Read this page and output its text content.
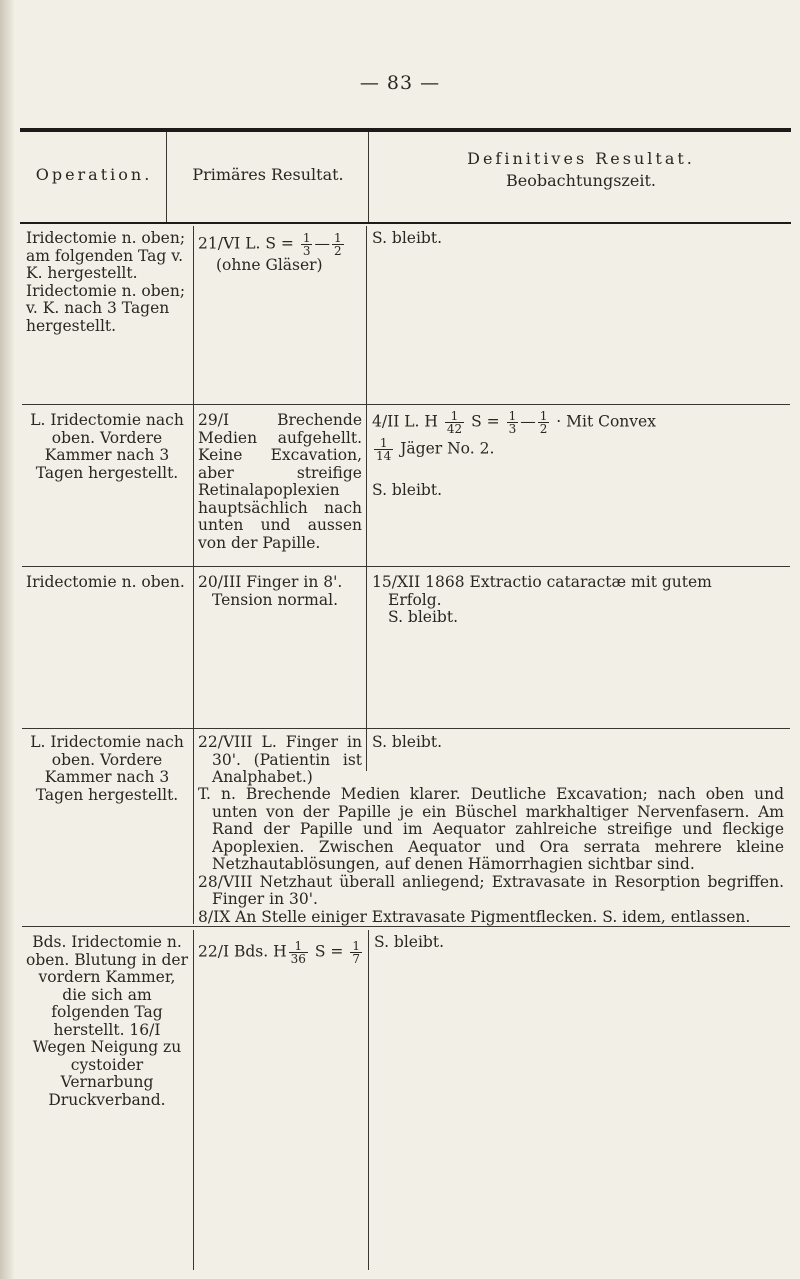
— 83 —
Operation.	Primäres Resultat.
Definitives Resultat.
Beobachtungszeit.
Iridectomie n. oben; am folgenden Tag v. K. hergestellt. Iridectomie n. oben; v. K. nach 3 Tagen hergestellt.
21/VI L. $S = \frac{1}{3}$ — $\frac{1}{2}$
(ohne Gläser)
S. bleibt.
L. Iridectomie nach oben. Vordere Kammer nach 3 Tagen hergestellt.
29/I Brechende Medien aufgehellt. Keine Excavation, aber streifige Retinalapoplexien hauptsächlich nach unten und aussen von der Papille.
4/II L. H $\frac{1}{42}$ $S = \frac{1}{3}$ — $\frac{1}{2}$ · Mit Convex
$\frac{1}{14}$ Jäger No. 2.
S. bleibt.
Iridectomie n. oben. 20/III Finger in 8'. Tension normal.
15/XII 1868 Extractio cataractæ mit gutem
Erfolg.
S. bleibt.
L. Iridectomie nach oben. Vordere Kammer nach 3 Tagen hergestellt.
22/VIII L. Finger in 30'. (Patientin ist Analphabet.)
S. bleibt.
T. n. Brechende Medien klarer. Deutliche Excavation; nach oben und unten von der Papille je ein Büschel markhaltiger Nervenfasern. Am Rand der Papille und im Aequator zahlreiche streifige und fleckige Apoplexien. Zwischen Aequator und Ora serrata mehrere kleine Netzhautablösungen, auf denen Hämorrhagien sichtbar sind.
28/VIII Netzhaut überall anliegend; Extravasate in Resorption begriffen. Finger in 30'.
8/IX An Stelle einiger Extravasate Pigmentflecken. S. idem, entlassen.
Bds. Iridectomie n. oben. Blutung in der vordern Kammer, die sich am folgenden Tag herstellt. 16/I Wegen Neigung zu cystoider Vernarbung Druckverband.
22/I Bds. H $\frac{1}{36}$ $S = \frac{1}{7} S$. bleibt.
